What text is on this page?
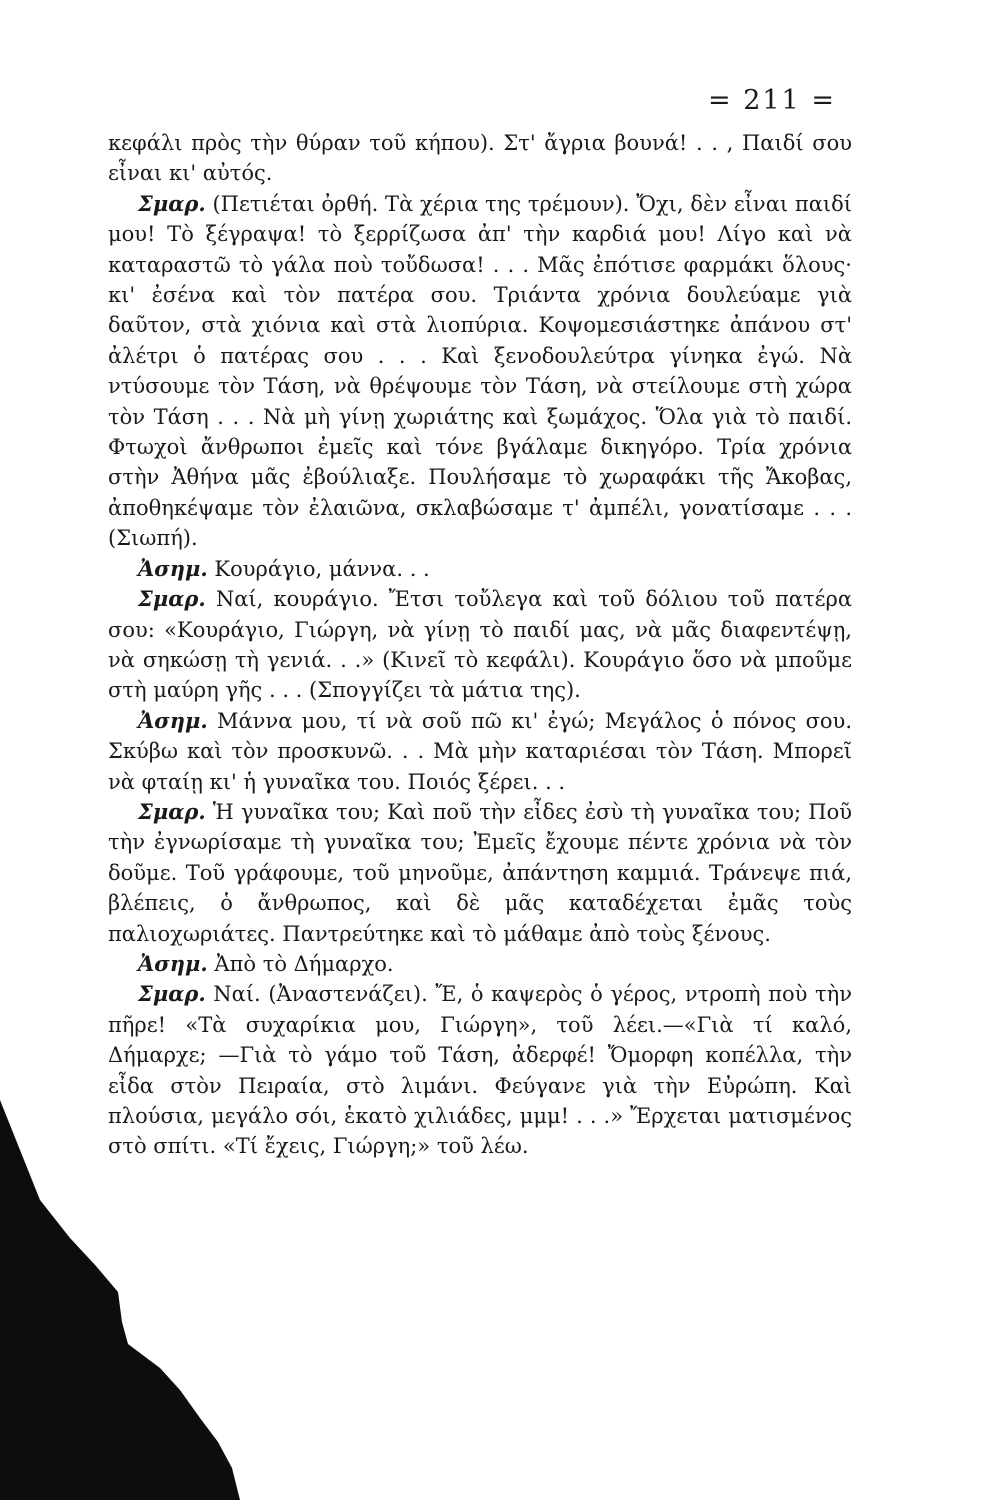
= 211 =

κεφάλι πρὸς τὴν θύραν τοῦ κήπου). Στ' ἄγρια βουνά! . . , Παιδί σου εἶναι κι' αὐτός.

Σμαρ. (Πετιέται ὀρθή. Τὰ χέρια της τρέμουν). Ὄχι, δὲν εἶναι παιδί μου! Τὸ ξέγραψα! τὸ ξερρίζωσα ἀπ' τὴν καρδιά μου! Λίγο καὶ νὰ καταραστῶ τὸ γάλα ποὺ τοὔδωσα! . . . Μᾶς ἐπότισε φαρμάκι ὅλους· κι' ἐσένα καὶ τὸν πατέρα σου. Τριάντα χρόνια δουλεύαμε γιὰ δαῦτον, στὰ χιόνια καὶ στὰ λιοπύρια. Κοψομεσιάστηκε ἀπάνου στ' ἀλέτρι ὁ πατέρας σου . . . Καὶ ξενοδουλεύτρα γίνηκα ἐγώ. Νὰ ντύσουμε τὸν Τάση, νὰ θρέψουμε τὸν Τάση, νὰ στείλουμε στὴ χώρα τὸν Τάση . . . Νὰ μὴ γίνῃ χωριάτης καὶ ξωμάχος. Ὅλα γιὰ τὸ παιδί. Φτωχοὶ ἄνθρωποι ἐμεῖς καὶ τόνε βγάλαμε δικηγόρο. Τρία χρόνια στὴν Ἀθήνα μᾶς ἐβούλιαξε. Πουλήσαμε τὸ χωραφάκι τῆς Ἄκοβας, ἀποθηκέψαμε τὸν ἐλαιῶνα, σκλαβώσαμε τ' ἀμπέλι, γονατίσαμε . . . (Σιωπή).

Ἀσημ. Κουράγιο, μάννα. . .

Σμαρ. Ναί, κουράγιο. Ἔτσι τοὔλεγα καὶ τοῦ δόλιου τοῦ πατέρα σου: «Κουράγιο, Γιώργη, νὰ γίνῃ τὸ παιδί μας, νὰ μᾶς διαφεντέψῃ, νὰ σηκώσῃ τὴ γενιά. . .» (Κινεῖ τὸ κεφάλι). Κουράγιο ὅσο νὰ μποῦμε στὴ μαύρη γῆς . . . (Σπογγίζει τὰ μάτια της).

Ἀσημ. Μάννα μου, τί νὰ σοῦ πῶ κι' ἐγώ; Μεγάλος ὁ πόνος σου. Σκύβω καὶ τὸν προσκυνῶ. . . Μὰ μὴν καταριέσαι τὸν Τάση. Μπορεῖ νὰ φταίῃ κι' ἡ γυναῖκα του. Ποιός ξέρει. . .

Σμαρ. Ἡ γυναῖκα του; Καὶ ποῦ τὴν εἶδες ἐσὺ τὴ γυναῖκα του; Ποῦ τὴν ἐγνωρίσαμε τὴ γυναῖκα του; Ἐμεῖς ἔχουμε πέντε χρόνια νὰ τὸν δοῦμε. Τοῦ γράφουμε, τοῦ μηνοῦμε, ἀπάντηση καμμιά. Τράνεψε πιά, βλέπεις, ὁ ἄνθρωπος, καὶ δὲ μᾶς καταδέχεται ἐμᾶς τοὺς παλιοχωριάτες. Παντρεύτηκε καὶ τὸ μάθαμε ἀπὸ τοὺς ξένους.

Ἀσημ. Ἀπὸ τὸ Δήμαρχο.

Σμαρ. Ναί. (Ἀναστενάζει). Ἔ, ὁ καψερὸς ὁ γέρος, ντροπὴ ποὺ τὴν πῆρε! «Τὰ συχαρίκια μου, Γιώργη», τοῦ λέει.—«Γιὰ τί καλό, Δήμαρχε; —Γιὰ τὸ γάμο τοῦ Τάση, ἀδερφέ! Ὄμορφη κοπέλλα, τὴν εἶδα στὸν Πεıραία, στὸ λιμάνι. Φεύγανε γιὰ τὴν Εὐρώπη. Καὶ πλούσια, μεγάλο σόι, ἑκατὸ χιλιάδες, μμμ! . . .» Ἔρχεται ματισμένος στὸ σπίτι. «Τί ἔχεις, Γιώργη;» τοῦ λέω.
